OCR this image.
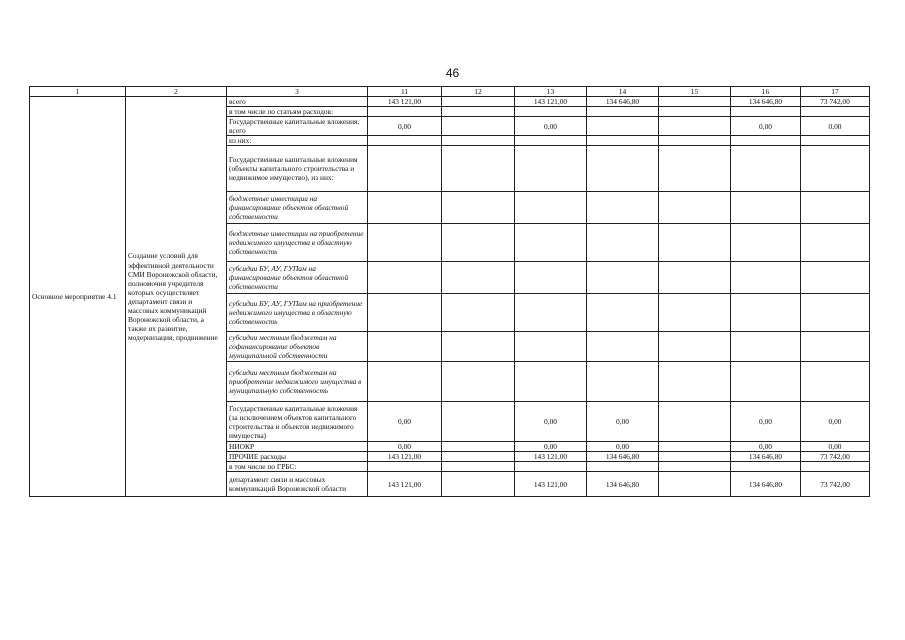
46
1	2	3	11	12	13	14	15	16	17
Основное мероприятие 4.1	Создание условий для эффективной деятельности СМИ Воронежской области, полномочия учредителя которых осуществляет департамент связи и массовых коммуникаций Воронежской области, а также их развитие, модернизация, продвижение	всего	143 121,00		143 121,00	134 646,80		134 646,80	73 742,00
		в том числе по статьям расходов:							
		Государственные капитальные вложения, всего	0,00		0,00			0,00	0,00
		из них:							
		Государственные капитальные вложения (объекты капитального строительства и недвижимое имущество), из них:							
		бюджетные инвестиции на финансирование объектов областной собственности							
		бюджетные инвестиции на приобретение недвижимого имущества в областную собственность							
		субсидии БУ, АУ, ГУПам на финансирование объектов областной собственности							
		субсидии БУ, АУ, ГУПам на приобретение недвижимого имущества в областную собственность							
		субсидии местным бюджетам на софинансирование объектов муниципальной собственности							
		субсидии местным бюджетам на приобретение недвижимого имущества в муниципальную собственность							
		Государственные капитальные вложения (за исключением объектов капитального строительства и объектов недвижимого имущества)	0,00		0,00	0,00		0,00	0,00
		НИОКР	0,00		0,00	0,00		0,00	0,00
		ПРОЧИЕ расходы	143 121,00		143 121,00	134 646,80		134 646,80	73 742,00
		в том числе по ГРБС:							
		департамент связи и массовых коммуникаций Воронежской области	143 121,00		143 121,00	134 646,80		134 646,80	73 742,00
